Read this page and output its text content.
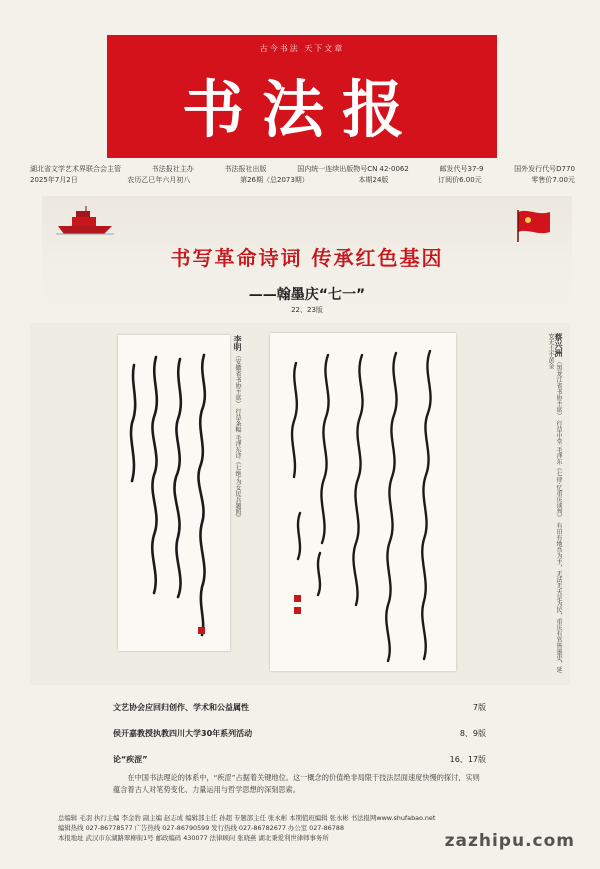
古今书法 天下文章
书法报
湖北省文学艺术界联合会主管	书法报社主办	书法报社出版	国内统一连续出版物号CN 42-0062	邮发代号37-9	国外发行代号D770
2025年7月2日	农历乙巳年六月初八	第26期（总2073期）	本期24版	订阅价6.00元	零售价7.00元
书写革命诗词 传承红色基因
——翰墨庆“七一”
22、23版
李明 （安徽省书协主席） 行草条幅 毛泽东诗《七绝·为女民兵题照》
蔡兴洲 （黑龙江省书协主席） 行草中堂 毛泽东《七律·忆重庆谈判》 有田有地吾为主，无法无天是为民，重庆有官皆墨吏，延安无土不黄金
文艺协会应回归创作、学术和公益属性	7版
侯开嘉教授执教四川大学30年系列活动	8、9版
论“疾涩”	16、17版
在中国书法理论的体系中，“疾涩”占据着关键地位。这一概念的价值绝非局限于技法层面速度快慢的探讨，实则蕴含着古人对笔势变化、力量运用与哲学思想的深刻思索。
总编辑 毛羽 执行主编 李金豹 副主编 赵志成 编辑部主任 孙超 专题部主任 张永彬 本期值班编辑 张永彬 书法报网www.shufabao.net
编辑热线 027-86778577 广告热线 027-86790599 发行热线 027-86782677 办公室 027-86788
本报地址 武汉市东湖路翠柳街1号 邮政编码 430077 法律顾问 张晓燕 湖北秉爱利世律师事务所	zazhipu.com
